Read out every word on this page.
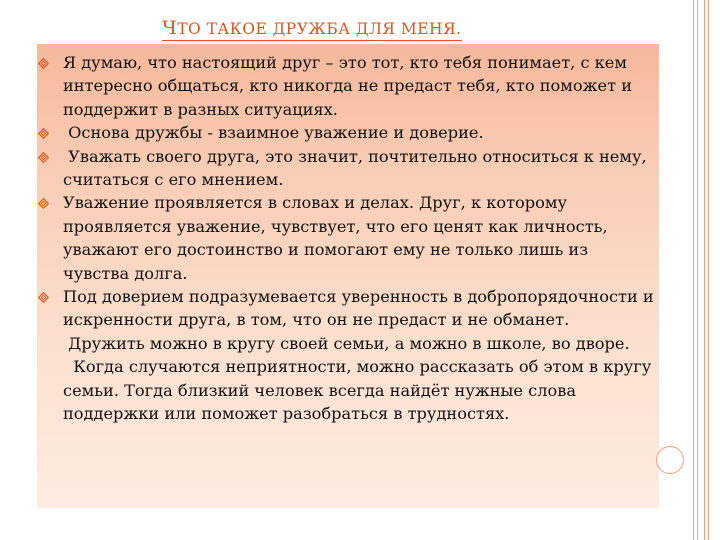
ЧТО ТАКОЕ ДРУЖБА ДЛЯ МЕНЯ.

Я думаю, что настоящий друг – это тот, кто тебя понимает, с кем интересно общаться, кто никогда не предаст тебя, кто поможет и поддержит в разных ситуациях.

Основа дружбы - взаимное уважение и доверие.

Уважать своего друга, это значит, почтительно относиться к нему, считаться с его мнением.

Уважение проявляется в словах и делах. Друг, к которому проявляется уважение, чувствует, что его ценят как личность, уважают его достоинство и помогают ему не только лишь из чувства долга.

Под доверием подразумевается уверенность в добропорядочности и искренности друга, в том, что он не предаст и не обманет.

Дружить можно в кругу своей семьи, а можно в школе, во дворе.

Когда случаются неприятности, можно рассказать об этом в кругу семьи. Тогда близкий человек всегда найдёт нужные слова поддержки или поможет разобраться в трудностях.
